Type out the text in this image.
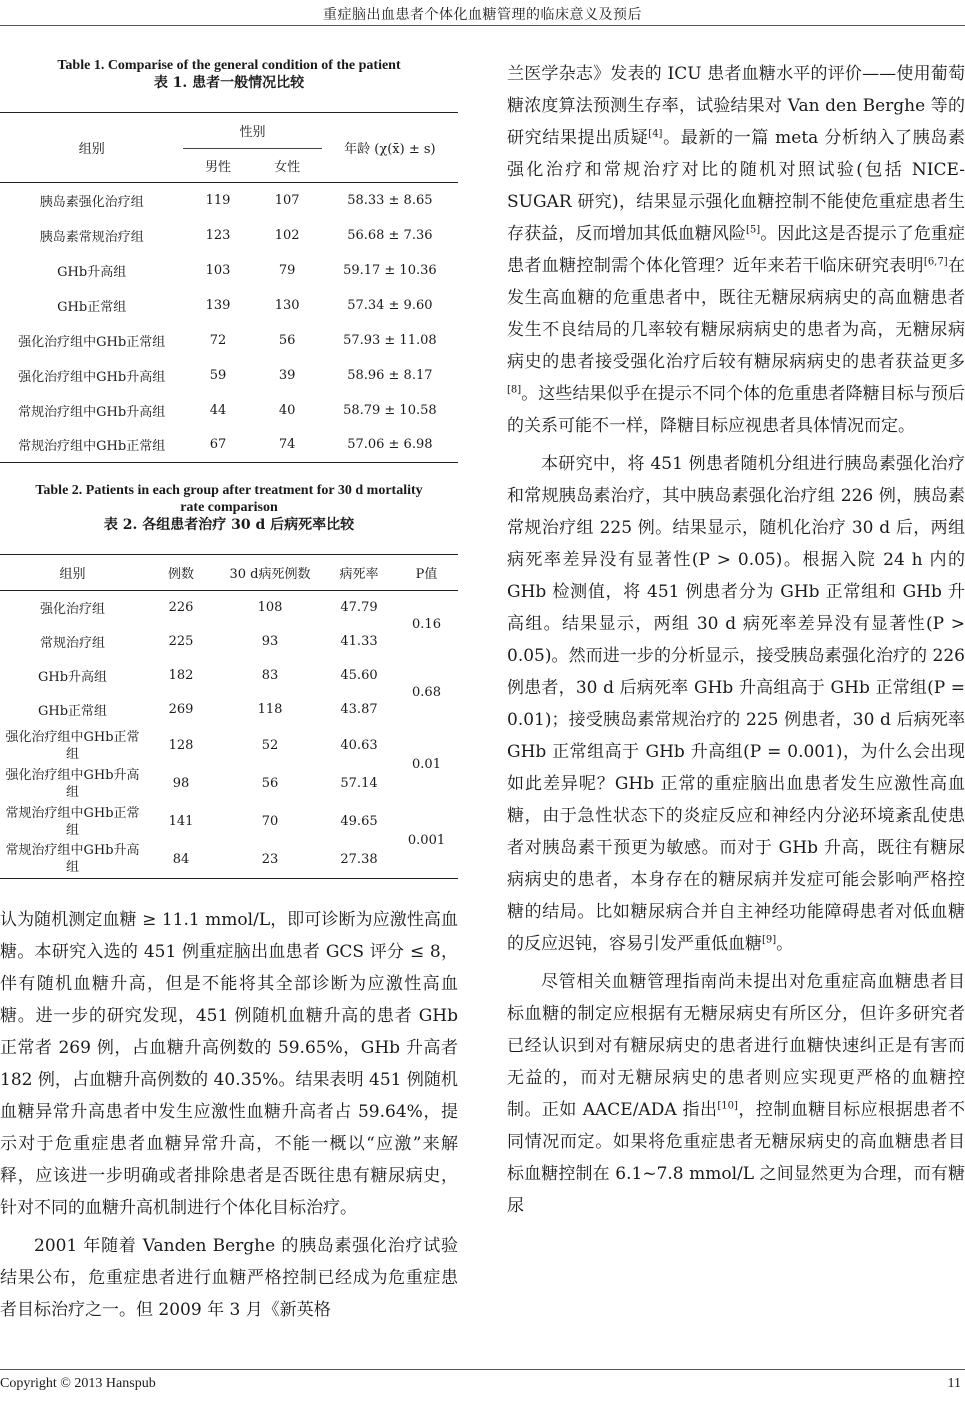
重症脑出血患者个体化血糖管理的临床意义及预后
Table 1. Comparise of the general condition of the patient
表 1. 患者一般情况比较
组别	性别		年龄 (χ(x̄) ± s)
	男性	女性	
胰岛素强化治疗组	119	107	58.33 ± 8.65
胰岛素常规治疗组	123	102	56.68 ± 7.36
GHb升高组	103	79	59.17 ± 10.36
GHb正常组	139	130	57.34 ± 9.60
强化治疗组中GHb正常组	72	56	57.93 ± 11.08
强化治疗组中GHb升高组	59	39	58.96 ± 8.17
常规治疗组中GHb升高组	44	40	58.79 ± 10.58
常规治疗组中GHb正常组	67	74	57.06 ± 6.98
Table 2. Patients in each group after treatment for 30 d mortality
rate comparison
表 2. 各组患者治疗 30 d 后病死率比较
组别	例数	30 d病死例数	病死率	P值
强化治疗组	226	108	47.79	0.16
常规治疗组	225	93	41.33	
GHb升高组	182	83	45.60	0.68
GHb正常组	269	118	43.87	
强化治疗组中GHb正常组	128	52	40.63	0.01
强化治疗组中GHb升高组	98	56	57.14	
常规治疗组中GHb正常组	141	70	49.65	0.001
常规治疗组中GHb升高组	84	23	27.38	

认为随机测定血糖 ≥ 11.1 mmol/L，即可诊断为应激性高血糖。本研究入选的 451 例重症脑出血患者 GCS 评分 ≤ 8，伴有随机血糖升高，但是不能将其全部诊断为应激性高血糖。进一步的研究发现，451 例随机血糖升高的患者 GHb 正常者 269 例，占血糖升高例数的 59.65%，GHb 升高者 182 例，占血糖升高例数的 40.35%。结果表明 451 例随机血糖异常升高患者中发生应激性血糖升高者占 59.64%，提示对于危重症患者血糖异常升高，不能一概以“应激”来解释，应该进一步明确或者排除患者是否既往患有糖尿病史，针对不同的血糖升高机制进行个体化目标治疗。

2001 年随着 Vanden Berghe 的胰岛素强化治疗试验结果公布，危重症患者进行血糖严格控制已经成为危重症患者目标治疗之一。但 2009 年 3 月《新英格

兰医学杂志》发表的 ICU 患者血糖水平的评价——使用葡萄糖浓度算法预测生存率，试验结果对 Van den Berghe 等的研究结果提出质疑[4]。最新的一篇 meta 分析纳入了胰岛素强化治疗和常规治疗对比的随机对照试验(包括 NICE-SUGAR 研究)，结果显示强化血糖控制不能使危重症患者生存获益，反而增加其低血糖风险[5]。因此这是否提示了危重症患者血糖控制需个体化管理？近年来若干临床研究表明[6,7]在发生高血糖的危重患者中，既往无糖尿病病史的高血糖患者发生不良结局的几率较有糖尿病病史的患者为高，无糖尿病病史的患者接受强化治疗后较有糖尿病病史的患者获益更多[8]。这些结果似乎在提示不同个体的危重患者降糖目标与预后的关系可能不一样，降糖目标应视患者具体情况而定。

本研究中，将 451 例患者随机分组进行胰岛素强化治疗和常规胰岛素治疗，其中胰岛素强化治疗组 226 例，胰岛素常规治疗组 225 例。结果显示，随机化治疗 30 d 后，两组病死率差异没有显著性(P > 0.05)。根据入院 24 h 内的 GHb 检测值，将 451 例患者分为 GHb 正常组和 GHb 升高组。结果显示，两组 30 d 病死率差异没有显著性(P > 0.05)。然而进一步的分析显示，接受胰岛素强化治疗的 226 例患者，30 d 后病死率 GHb 升高组高于 GHb 正常组(P = 0.01)；接受胰岛素常规治疗的 225 例患者，30 d 后病死率 GHb 正常组高于 GHb 升高组(P = 0.001)，为什么会出现如此差异呢？GHb 正常的重症脑出血患者发生应激性高血糖，由于急性状态下的炎症反应和神经内分泌环境紊乱使患者对胰岛素干预更为敏感。而对于 GHb 升高，既往有糖尿病病史的患者，本身存在的糖尿病并发症可能会影响严格控糖的结局。比如糖尿病合并自主神经功能障碍患者对低血糖的反应迟钝，容易引发严重低血糖[9]。

尽管相关血糖管理指南尚未提出对危重症高血糖患者目标血糖的制定应根据有无糖尿病史有所区分，但许多研究者已经认识到对有糖尿病史的患者进行血糖快速纠正是有害而无益的，而对无糖尿病史的患者则应实现更严格的血糖控制。正如 AACE/ADA 指出[10]，控制血糖目标应根据患者不同情况而定。如果将危重症患者无糖尿病史的高血糖患者目标血糖控制在 6.1~7.8 mmol/L 之间显然更为合理，而有糖尿

Copyright © 2013 Hanspub	11
